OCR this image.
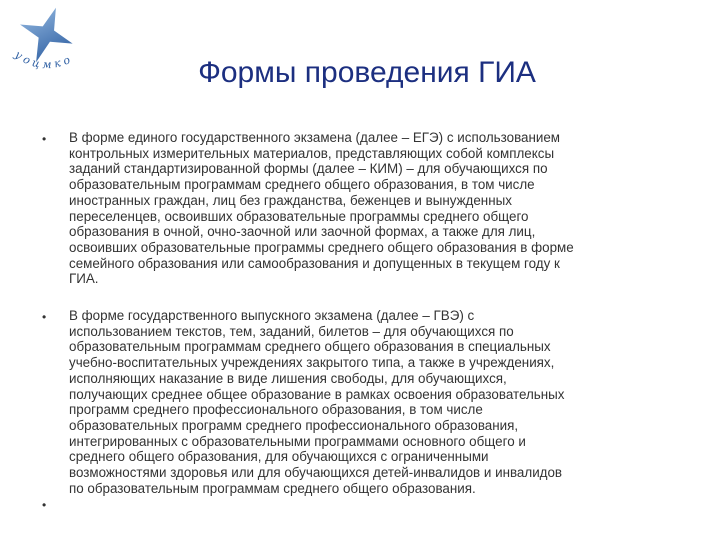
у о ц м к о	Формы проведения ГИА
• В форме единого государственного экзамена (далее – ЕГЭ) с использованием
контрольных измерительных материалов, представляющих собой комплексы
заданий стандартизированной формы (далее – КИМ) – для обучающихся по
образовательным программам среднего общего образования, в том числе
иностранных граждан, лиц без гражданства, беженцев и вынужденных
переселенцев, освоивших образовательные программы среднего общего
образования в очной, очно-заочной или заочной формах, а также для лиц,
освоивших образовательные программы среднего общего образования в форме
семейного образования или самообразования и допущенных в текущем году к
ГИА.
• В форме государственного выпускного экзамена (далее – ГВЭ) с
использованием текстов, тем, заданий, билетов – для обучающихся по
образовательным программам среднего общего образования в специальных
учебно-воспитательных учреждениях закрытого типа, а также в учреждениях,
исполняющих наказание в виде лишения свободы, для обучающихся,
получающих среднее общее образование в рамках освоения образовательных
программ среднего профессионального образования, в том числе
образовательных программ среднего профессионального образования,
интегрированных с образовательными программами основного общего и
среднего общего образования, для обучающихся с ограниченными
возможностями здоровья или для обучающихся детей-инвалидов и инвалидов
по образовательным программам среднего общего образования.
•
